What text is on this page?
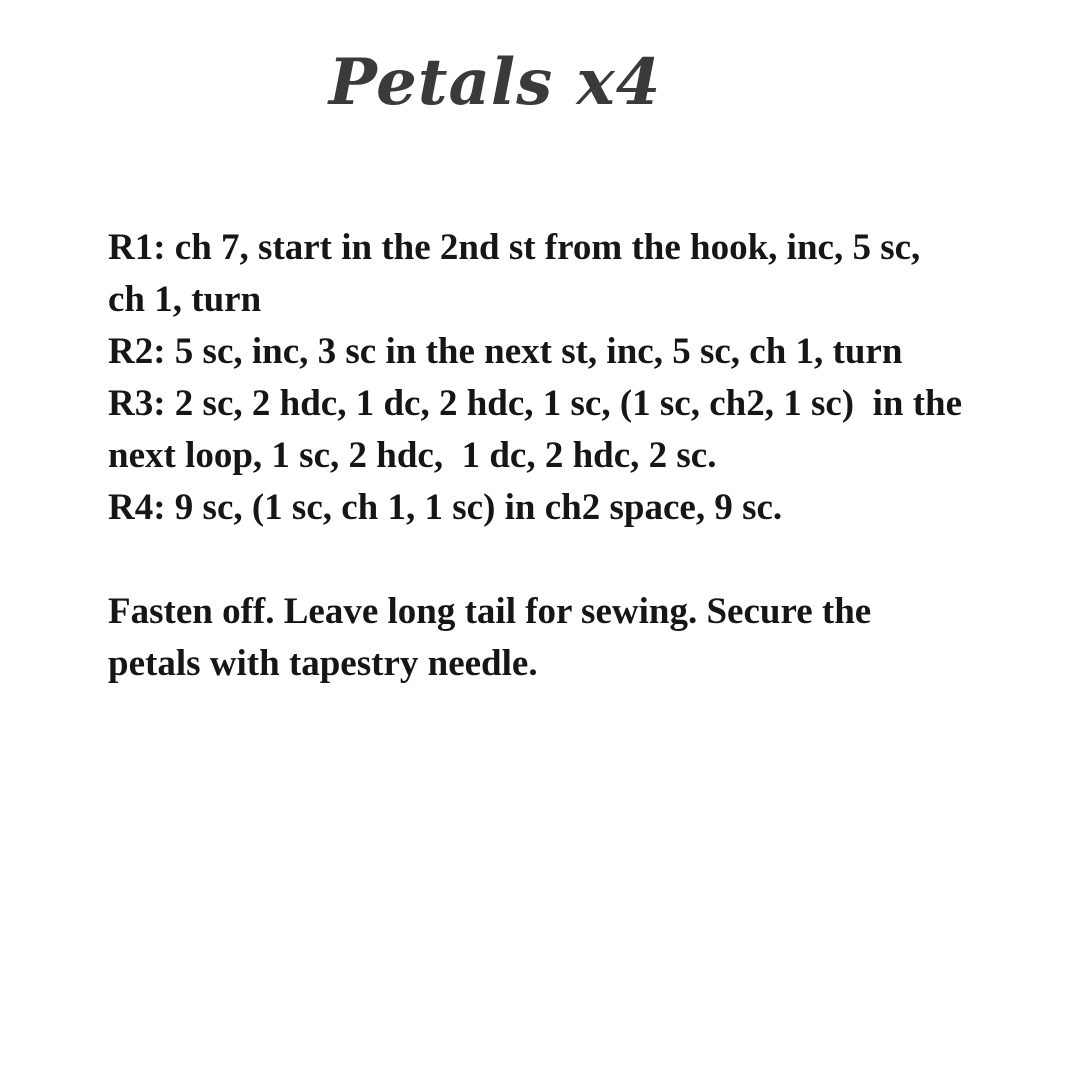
Petals x4
R1: ch 7, start in the 2nd st from the hook, inc, 5 sc,
ch 1, turn
R2: 5 sc, inc, 3 sc in the next st, inc, 5 sc, ch 1, turn
R3: 2 sc, 2 hdc, 1 dc, 2 hdc, 1 sc, (1 sc, ch2, 1 sc)  in the
next loop, 1 sc, 2 hdc,  1 dc, 2 hdc, 2 sc.
R4: 9 sc, (1 sc, ch 1, 1 sc) in ch2 space, 9 sc.
Fasten off. Leave long tail for sewing. Secure the
petals with tapestry needle.
